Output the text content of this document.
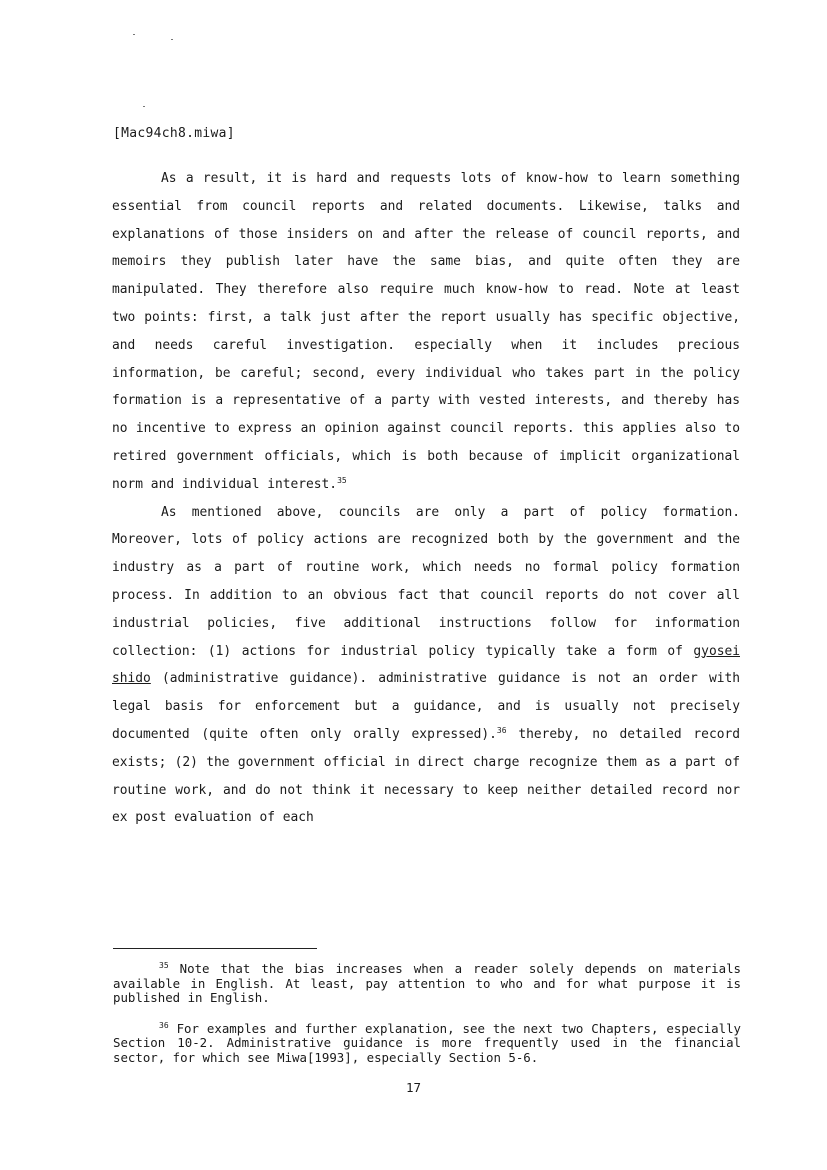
[Mac94ch8.miwa]

As a result, it is hard and requests lots of know-how to learn something essential from council reports and related documents. Likewise, talks and explanations of those insiders on and after the release of council reports, and memoirs they publish later have the same bias, and quite often they are manipulated. They therefore also require much know-how to read. Note at least two points: first, a talk just after the report usually has specific objective, and needs careful investigation. especially when it includes precious information, be careful; second, every individual who takes part in the policy formation is a representative of a party with vested interests, and thereby has no incentive to express an opinion against council reports. this applies also to retired government officials, which is both because of implicit organizational norm and individual interest.$^{35}$

As mentioned above, councils are only a part of policy formation. Moreover, lots of policy actions are recognized both by the government and the industry as a part of routine work, which needs no formal policy formation process. In addition to an obvious fact that council reports do not cover all industrial policies, five additional instructions follow for information collection: (1) actions for industrial policy typically take a form of gyosei shido (administrative guidance). administrative guidance is not an order with legal basis for enforcement but a guidance, and is usually not precisely documented (quite often only orally expressed).$^{36}$ thereby, no detailed record exists; (2) the government official in direct charge recognize them as a part of routine work, and do not think it necessary to keep neither detailed record nor ex post evaluation of each

$^{35}$ Note that the bias increases when a reader solely depends on materials available in English. At least, pay attention to who and for what purpose it is published in English.

$^{36}$ For examples and further explanation, see the next two Chapters, especially Section 10-2. Administrative guidance is more frequently used in the financial sector, for which see Miwa[1993], especially Section 5-6.

17
